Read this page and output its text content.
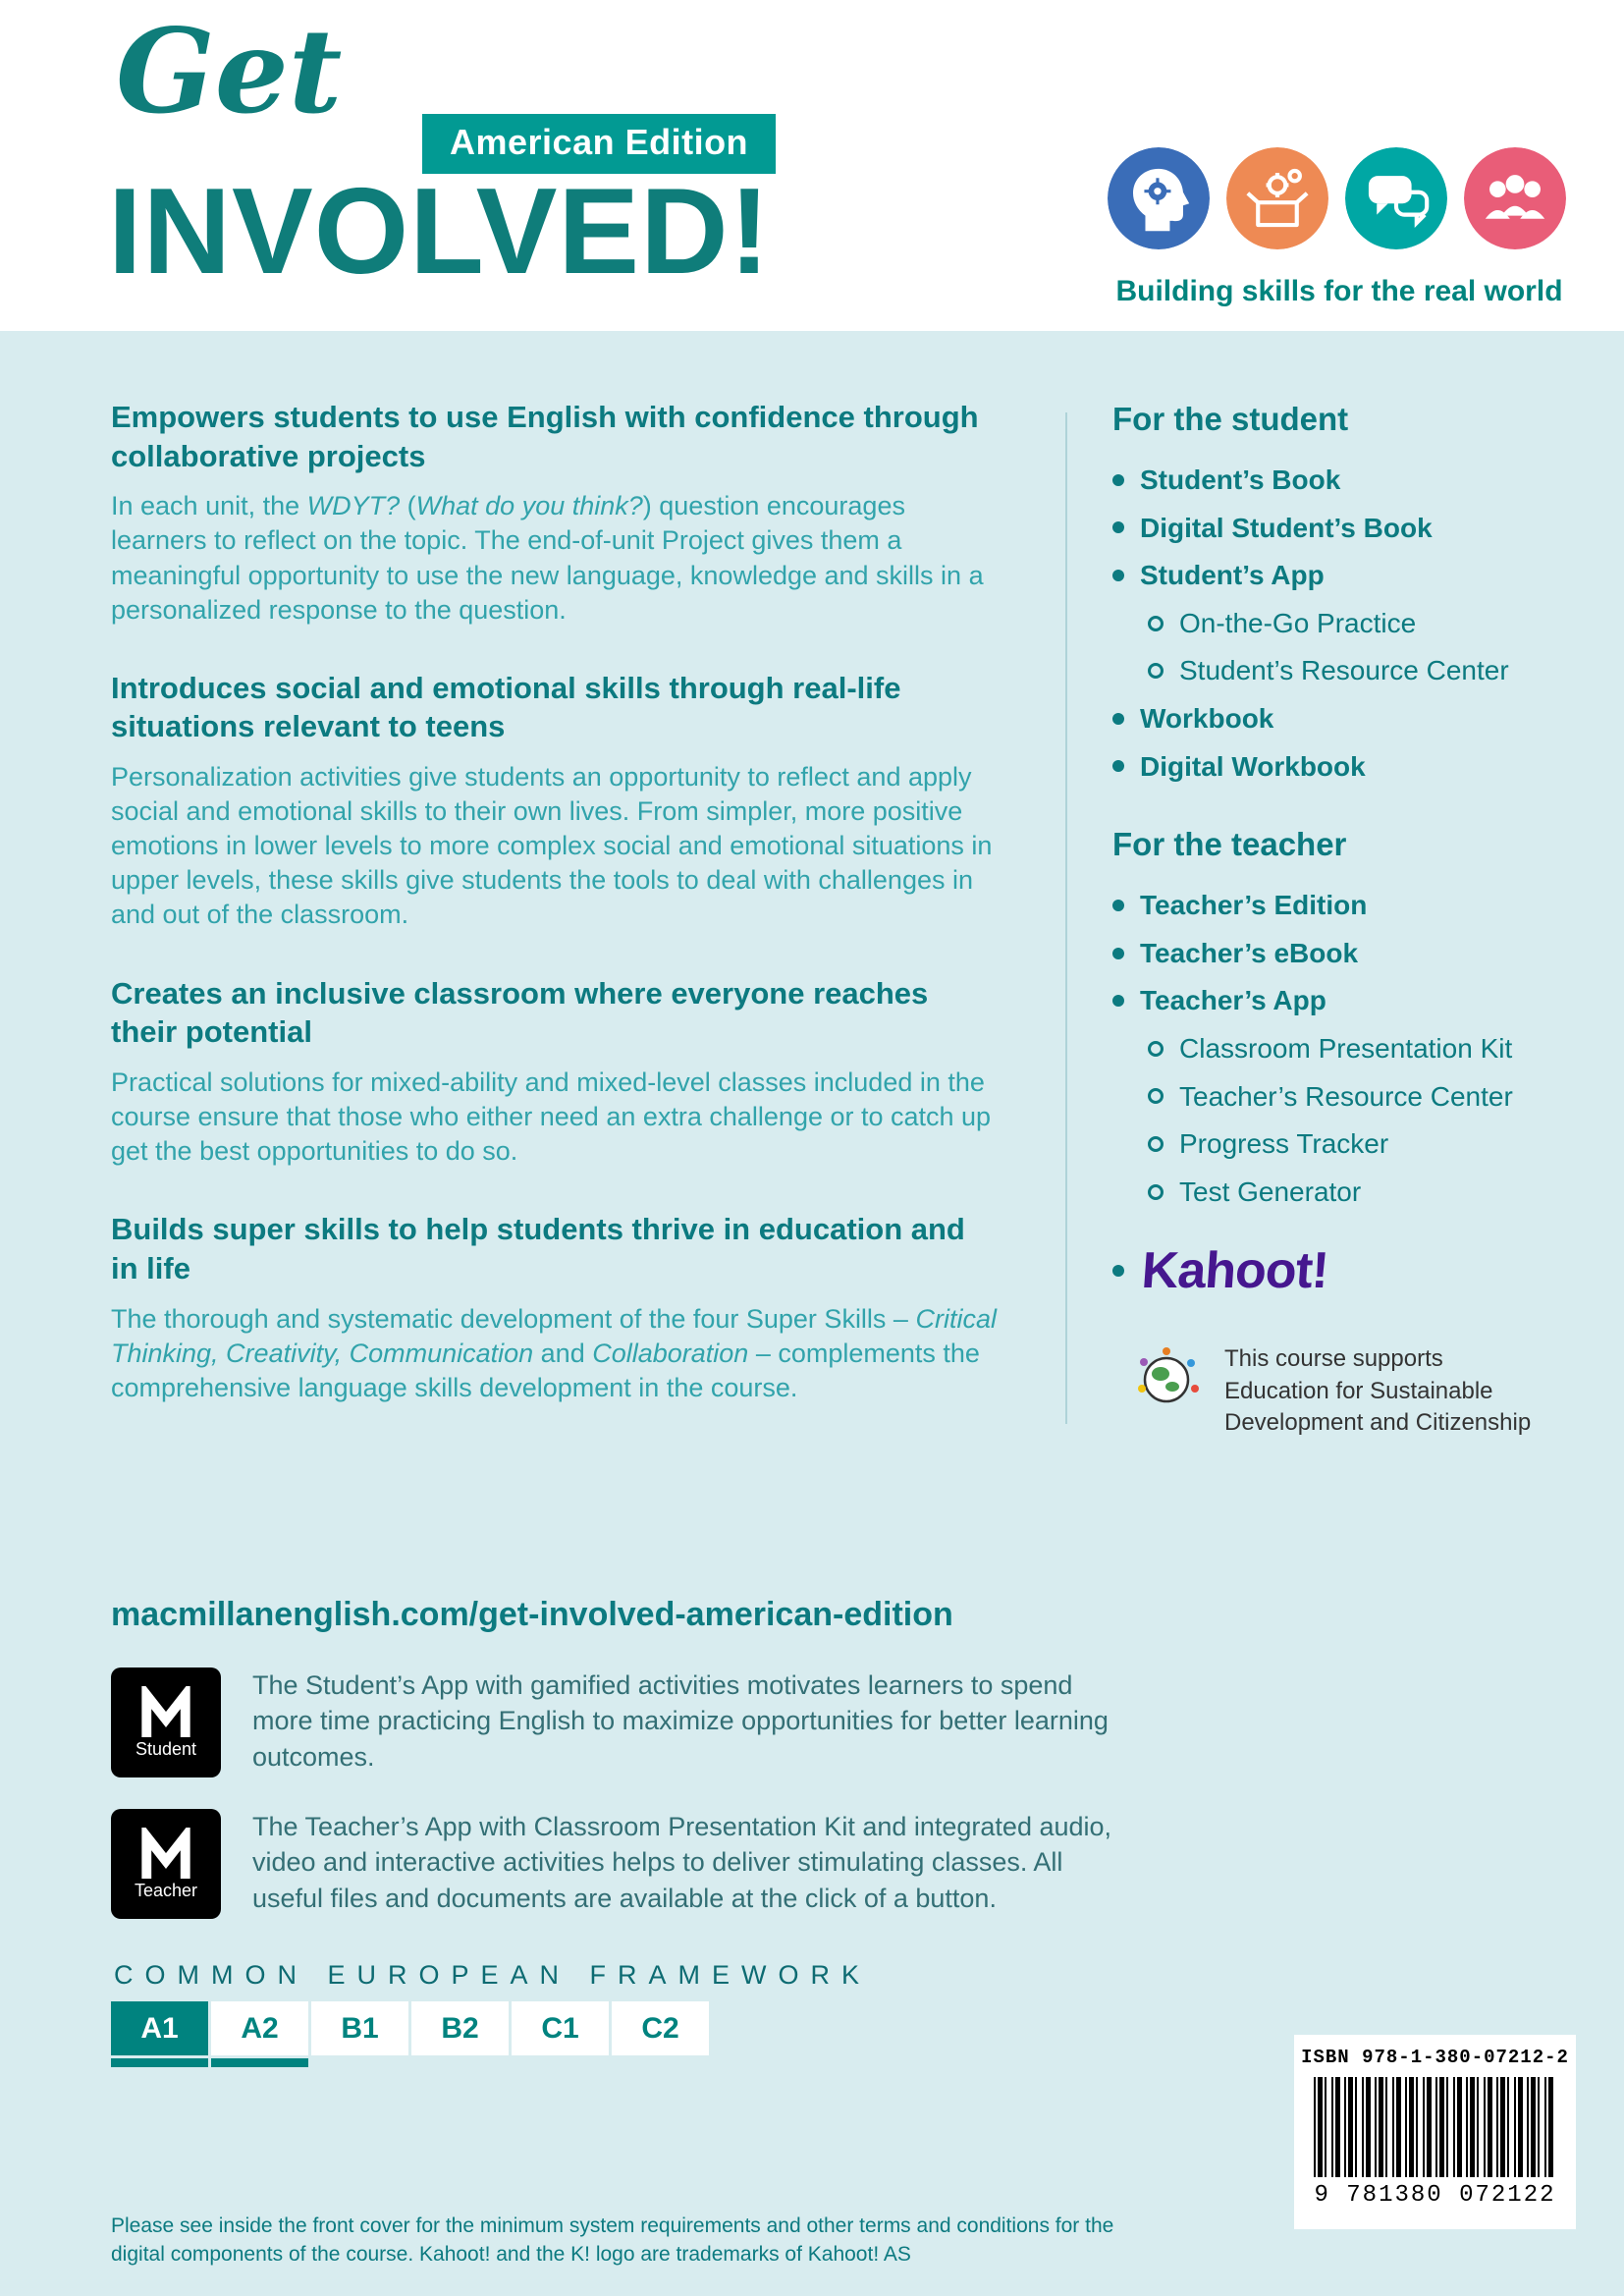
Get
American Edition
INVOLVED!	Building skills for the real world
Empowers students to use English with confidence through collaborative projects

In each unit, the WDYT? (What do you think?) question encourages learners to reflect on the topic. The end-of-unit Project gives them a meaningful opportunity to use the new language, knowledge and skills in a personalized response to the question.

Introduces social and emotional skills through real-life situations relevant to teens

Personalization activities give students an opportunity to reflect and apply social and emotional skills to their own lives. From simpler, more positive emotions in lower levels to more complex social and emotional situations in upper levels, these skills give students the tools to deal with challenges in and out of the classroom.

Creates an inclusive classroom where everyone reaches their potential

Practical solutions for mixed-ability and mixed-level classes included in the course ensure that those who either need an extra challenge or to catch up get the best opportunities to do so.

Builds super skills to help students thrive in education and in life

The thorough and systematic development of the four Super Skills – Critical Thinking, Creativity, Communication and Collaboration – complements the comprehensive language skills development in the course.

For the student
Student’s Book
Digital Student’s Book
Student’s App
On-the-Go Practice
Student’s Resource Center
Workbook
Digital Workbook
For the teacher
Teacher’s Edition
Teacher’s eBook
Teacher’s App
Classroom Presentation Kit
Teacher’s Resource Center
Progress Tracker
Test Generator
Kahoot!
This course supports Education for Sustainable Development and Citizenship
macmillanenglish.com/get-involved-american-edition
Student
The Student’s App with gamified activities motivates learners to spend more time practicing English to maximize opportunities for better learning outcomes.
Teacher
The Teacher’s App with Classroom Presentation Kit and integrated audio, video and interactive activities helps to deliver stimulating classes. All useful files and documents are available at the click of a button.
COMMON EUROPEAN FRAMEWORK
A1	A2	B1	B2	C1	C2
ISBN 978-1-380-07212-2
9 781380 072122
Please see inside the front cover for the minimum system requirements and other terms and conditions for the digital components of the course. Kahoot! and the K! logo are trademarks of Kahoot! AS
